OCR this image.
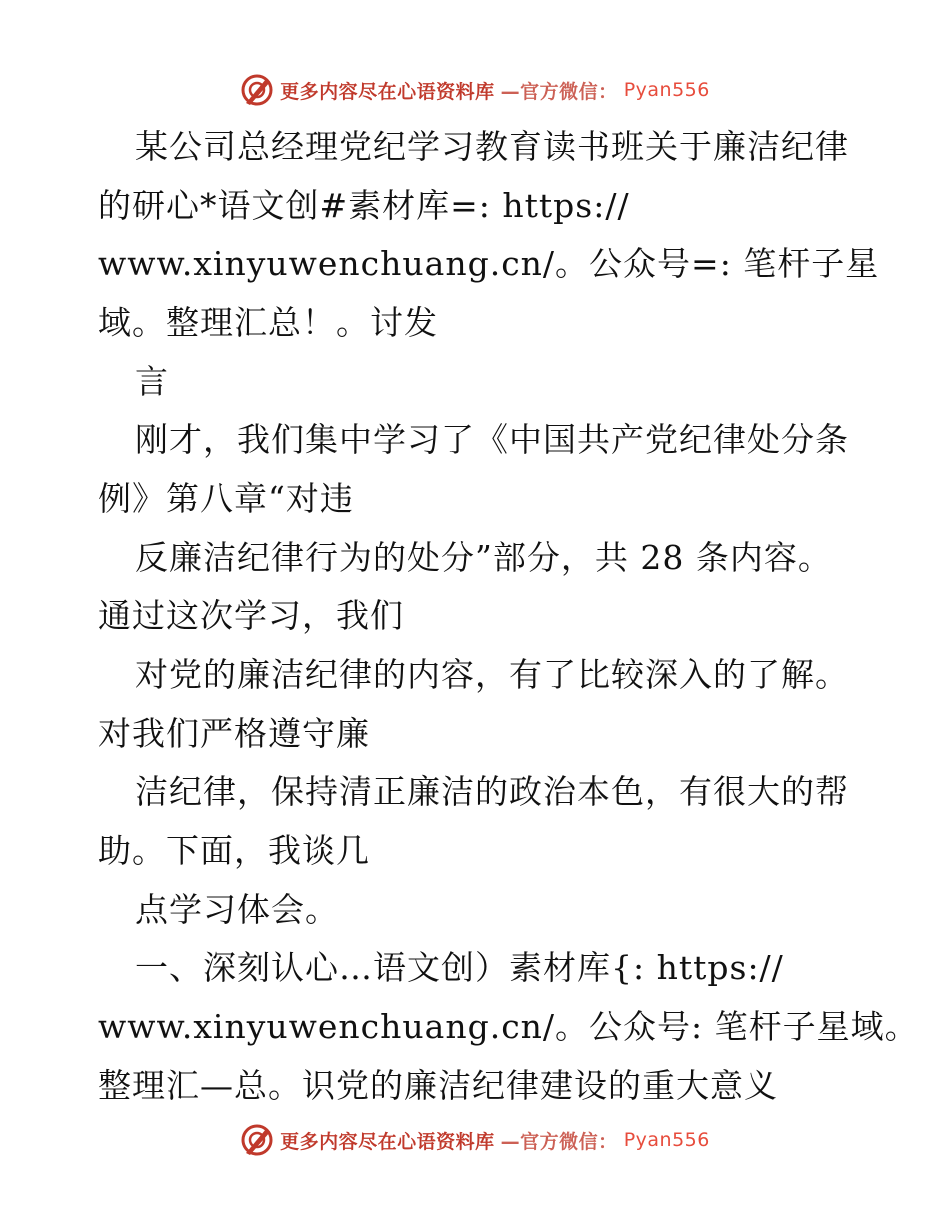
更多内容尽在心语资料库 —官方微信： Pyan556
某公司总经理党纪学习教育读书班关于廉洁纪律
的研心*语文创#素材库=: https://
www.xinyuwenchuang.cn/。公众号=: 笔杆子星
域。整理汇总！。讨发
言
刚才，我们集中学习了《中国共产党纪律处分条
例》第八章“对违
反廉洁纪律行为的处分”部分，共 28 条内容。
通过这次学习，我们
对党的廉洁纪律的内容，有了比较深入的了解。
对我们严格遵守廉
洁纪律，保持清正廉洁的政治本色，有很大的帮
助。下面，我谈几
点学习体会。
一、深刻认心…语文创）素材库{: https://
www.xinyuwenchuang.cn/。公众号: 笔杆子星域。
整理汇—总。识党的廉洁纪律建设的重大意义
更多内容尽在心语资料库 —官方微信： Pyan556
